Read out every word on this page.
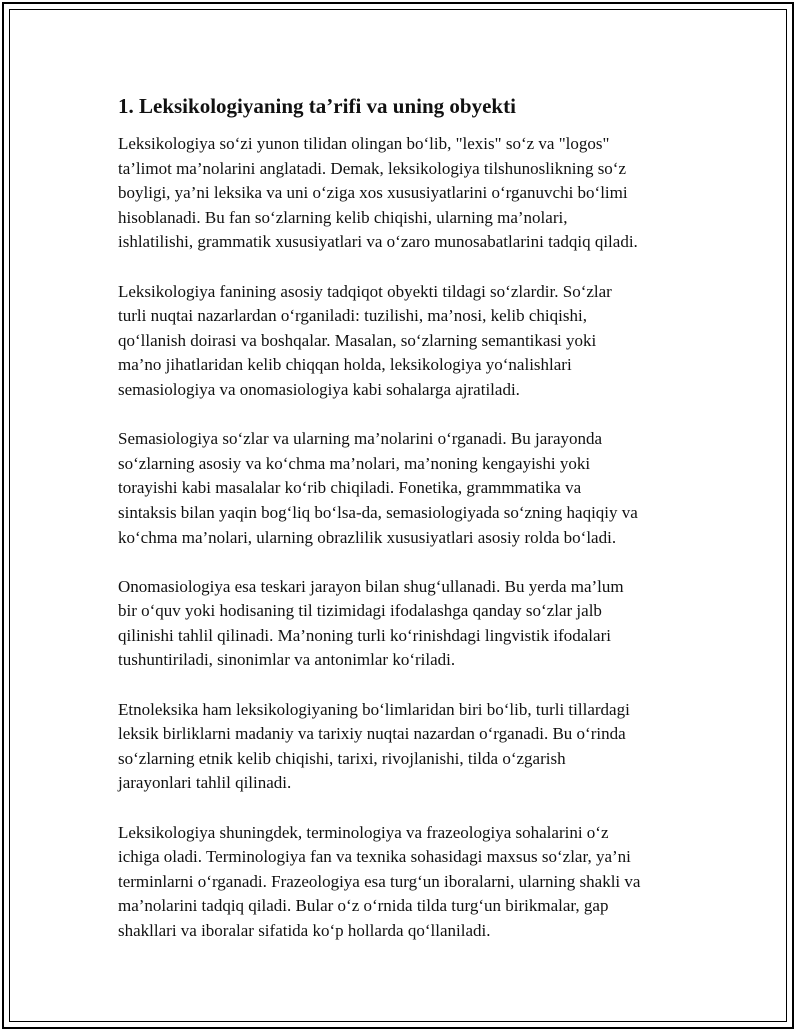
1. Leksikologiyaning ta’rifi va uning obyekti

Leksikologiya so‘zi yunon tilidan olingan bo‘lib, "lexis" so‘z va "logos"
ta’limot ma’nolarini anglatadi. Demak, leksikologiya tilshunoslikning so‘z
boyligi, ya’ni leksika va uni o‘ziga xos xususiyatlarini o‘rganuvchi bo‘limi
hisoblanadi. Bu fan so‘zlarning kelib chiqishi, ularning ma’nolari,
ishlatilishi, grammatik xususiyatlari va o‘zaro munosabatlarini tadqiq qiladi.

Leksikologiya fanining asosiy tadqiqot obyekti tildagi so‘zlardir. So‘zlar
turli nuqtai nazarlardan o‘rganiladi: tuzilishi, ma’nosi, kelib chiqishi,
qo‘llanish doirasi va boshqalar. Masalan, so‘zlarning semantikasi yoki
ma’no jihatlaridan kelib chiqqan holda, leksikologiya yo‘nalishlari
semasiologiya va onomasiologiya kabi sohalarga ajratiladi.

Semasiologiya so‘zlar va ularning ma’nolarini o‘rganadi. Bu jarayonda
so‘zlarning asosiy va ko‘chma ma’nolari, ma’noning kengayishi yoki
torayishi kabi masalalar ko‘rib chiqiladi. Fonetika, grammmatika va
sintaksis bilan yaqin bog‘liq bo‘lsa-da, semasiologiyada so‘zning haqiqiy va
ko‘chma ma’nolari, ularning obrazlilik xususiyatlari asosiy rolda bo‘ladi.

Onomasiologiya esa teskari jarayon bilan shug‘ullanadi. Bu yerda ma’lum
bir o‘quv yoki hodisaning til tizimidagi ifodalashga qanday so‘zlar jalb
qilinishi tahlil qilinadi. Ma’noning turli ko‘rinishdagi lingvistik ifodalari
tushuntiriladi, sinonimlar va antonimlar ko‘riladi.

Etnoleksika ham leksikologiyaning bo‘limlaridan biri bo‘lib, turli tillardagi
leksik birliklarni madaniy va tarixiy nuqtai nazardan o‘rganadi. Bu o‘rinda
so‘zlarning etnik kelib chiqishi, tarixi, rivojlanishi, tilda o‘zgarish
jarayonlari tahlil qilinadi.

Leksikologiya shuningdek, terminologiya va frazeologiya sohalarini o‘z
ichiga oladi. Terminologiya fan va texnika sohasidagi maxsus so‘zlar, ya’ni
terminlarni o‘rganadi. Frazeologiya esa turg‘un iboralarni, ularning shakli va
ma’nolarini tadqiq qiladi. Bular o‘z o‘rnida tilda turg‘un birikmalar, gap
shakllari va iboralar sifatida ko‘p hollarda qo‘llaniladi.
